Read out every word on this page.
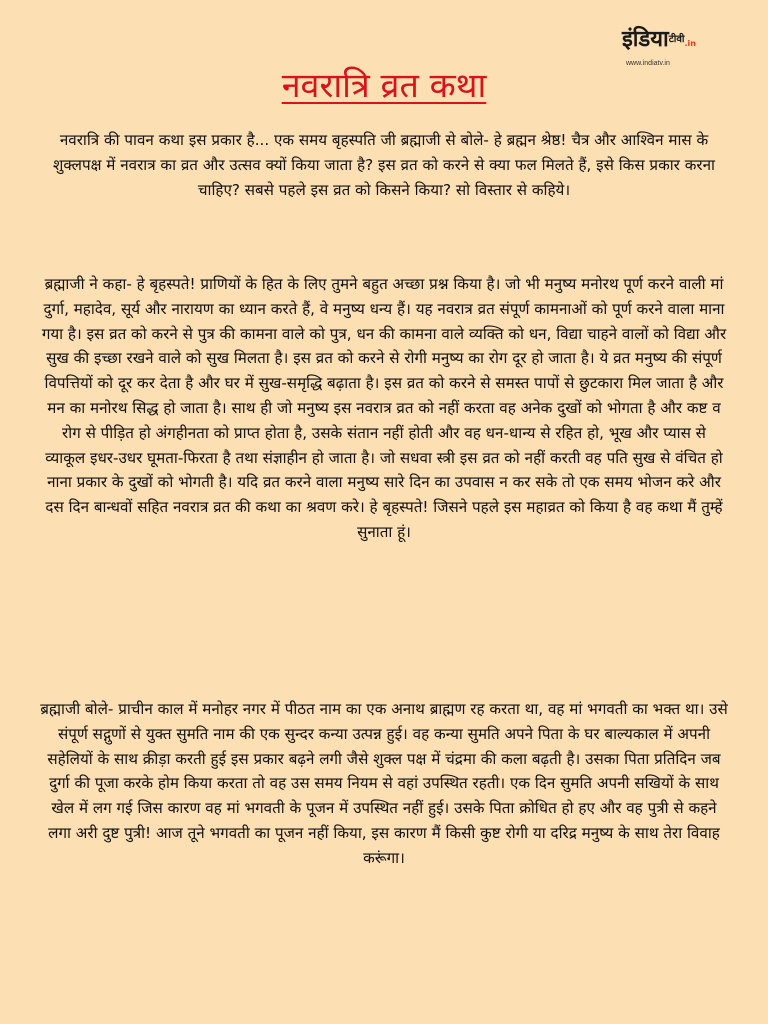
इंडिया$^{टीवी}$.in
www.indiatv.in
नवरात्रि व्रत कथा

नवरात्रि की पावन कथा इस प्रकार है... एक समय बृहस्पति जी ब्रह्माजी से बोले- हे ब्रह्मन श्रेष्ठ! चैत्र और आश्विन मास के शुक्लपक्ष में नवरात्र का व्रत और उत्सव क्यों किया जाता है? इस व्रत को करने से क्या फल मिलते हैं, इसे किस प्रकार करना चाहिए? सबसे पहले इस व्रत को किसने किया? सो विस्तार से कहिये।

ब्रह्माजी ने कहा- हे बृहस्पते! प्राणियों के हित के लिए तुमने बहुत अच्छा प्रश्न किया है। जो भी मनुष्य मनोरथ पूर्ण करने वाली मां दुर्गा, महादेव, सूर्य और नारायण का ध्यान करते हैं, वे मनुष्य धन्य हैं। यह नवरात्र व्रत संपूर्ण कामनाओं को पूर्ण करने वाला माना गया है। इस व्रत को करने से पुत्र की कामना वाले को पुत्र, धन की कामना वाले व्यक्ति को धन, विद्या चाहने वालों को विद्या और सुख की इच्छा रखने वाले को सुख मिलता है। इस व्रत को करने से रोगी मनुष्य का रोग दूर हो जाता है। ये व्रत मनुष्य की संपूर्ण विपत्तियों को दूर कर देता है और घर में सुख-समृद्धि बढ़ाता है। इस व्रत को करने से समस्त पापों से छुटकारा मिल जाता है और मन का मनोरथ सिद्ध हो जाता है। साथ ही जो मनुष्य इस नवरात्र व्रत को नहीं करता वह अनेक दुखों को भोगता है और कष्ट व रोग से पीड़ित हो अंगहीनता को प्राप्त होता है, उसके संतान नहीं होती और वह धन-धान्य से रहित हो, भूख और प्यास से व्याकूल इधर-उधर घूमता-फिरता है तथा संज्ञाहीन हो जाता है। जो सधवा स्त्री इस व्रत को नहीं करती वह पति सुख से वंचित हो नाना प्रकार के दुखों को भोगती है। यदि व्रत करने वाला मनुष्य सारे दिन का उपवास न कर सके तो एक समय भोजन करे और दस दिन बान्धवों सहित नवरात्र व्रत की कथा का श्रवण करे। हे बृहस्पते! जिसने पहले इस महाव्रत को किया है वह कथा मैं तुम्हें सुनाता हूं।

ब्रह्माजी बोले- प्राचीन काल में मनोहर नगर में पीठत नाम का एक अनाथ ब्राह्मण रह करता था, वह मां भगवती का भक्त था। उसे संपूर्ण सद्गुणों से युक्त सुमति नाम की एक सुन्दर कन्या उत्पन्न हुई। वह कन्या सुमति अपने पिता के घर बाल्यकाल में अपनी सहेलियों के साथ क्रीड़ा करती हुई इस प्रकार बढ़ने लगी जैसे शुक्ल पक्ष में चंद्रमा की कला बढ़ती है। उसका पिता प्रतिदिन जब दुर्गा की पूजा करके होम किया करता तो वह उस समय नियम से वहां उपस्थित रहती। एक दिन सुमति अपनी सखियों के साथ खेल में लग गई जिस कारण वह मां भगवती के पूजन में उपस्थित नहीं हुई। उसके पिता क्रोधित हो हए और वह पुत्री से कहने लगा अरी दुष्ट पुत्री! आज तूने भगवती का पूजन नहीं किया, इस कारण मैं किसी कुष्ट रोगी या दरिद्र मनुष्य के साथ तेरा विवाह करूंगा।
